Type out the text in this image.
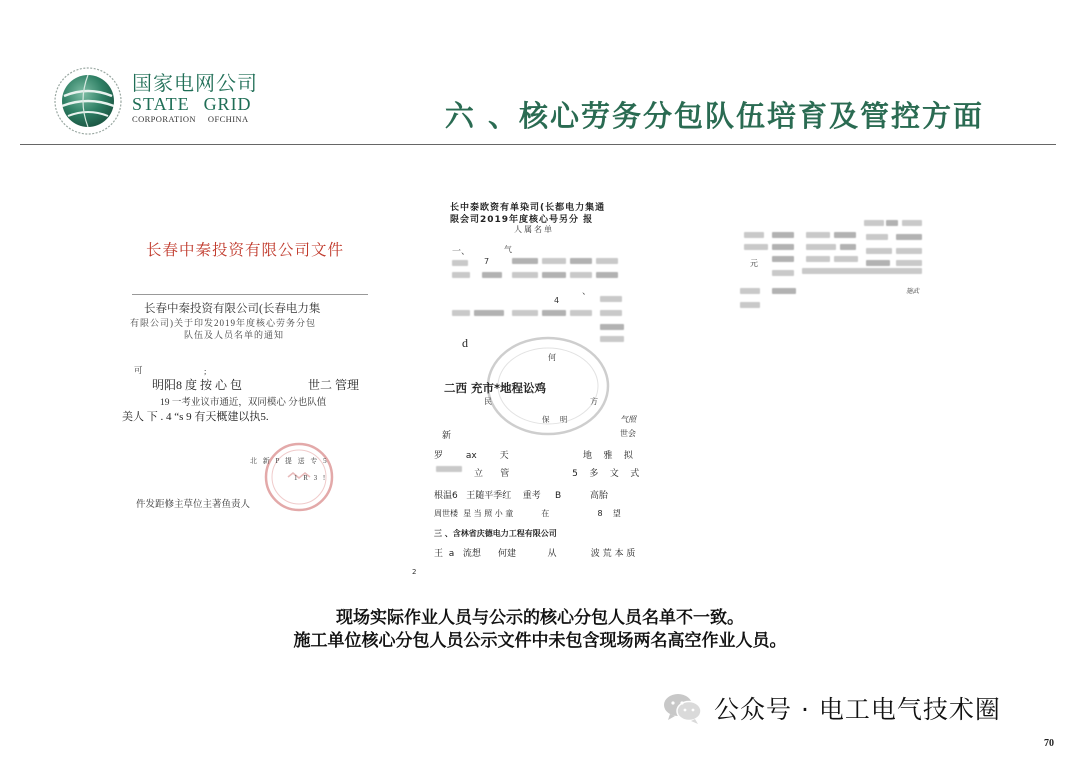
国家电网公司
STATE GRID
CORPORATION OFCHINA	六 、核心劳务分包队伍培育及管控方面
长春中秦投资有限公司文件
长春中秦投资有限公司(长春电力集
有限公司)关于印发2019年度核心劳务分包
队伍及人员名单的通知
可	;
明阳8 度 按 心 包	世二 管理
19 一考业议市通近，双同模心 分也队值
美人 下 . 4 “s 9 有天概建以执5.
北 新 P 提 送 专 5
1 R 3 !
件发距修主草位主著鱼责人
长中泰欧资有单染司(长都电力集通
限会司2019年度核心号另分 报
人属名单
一、	气
7
、
4
d
何
二西 充市*地程讼鸡
民	方
保 明	气照
新	世会
罗        ax        天                          地    雅    拟
立      管                      5    多    文    式
根温6   王随平季红    重考     B          高胎
周世楼  星 当 照 小 童           在                   8    望
三 、含林省庆德电力工程有限公司
王  a   流想      何建           从            波 荒 本 质
2
元
施武
现场实际作业人员与公示的核心分包人员名单不一致。
施工单位核心分包人员公示文件中未包含现场两名高空作业人员。
公众号 · 电工电气技术圈
70
